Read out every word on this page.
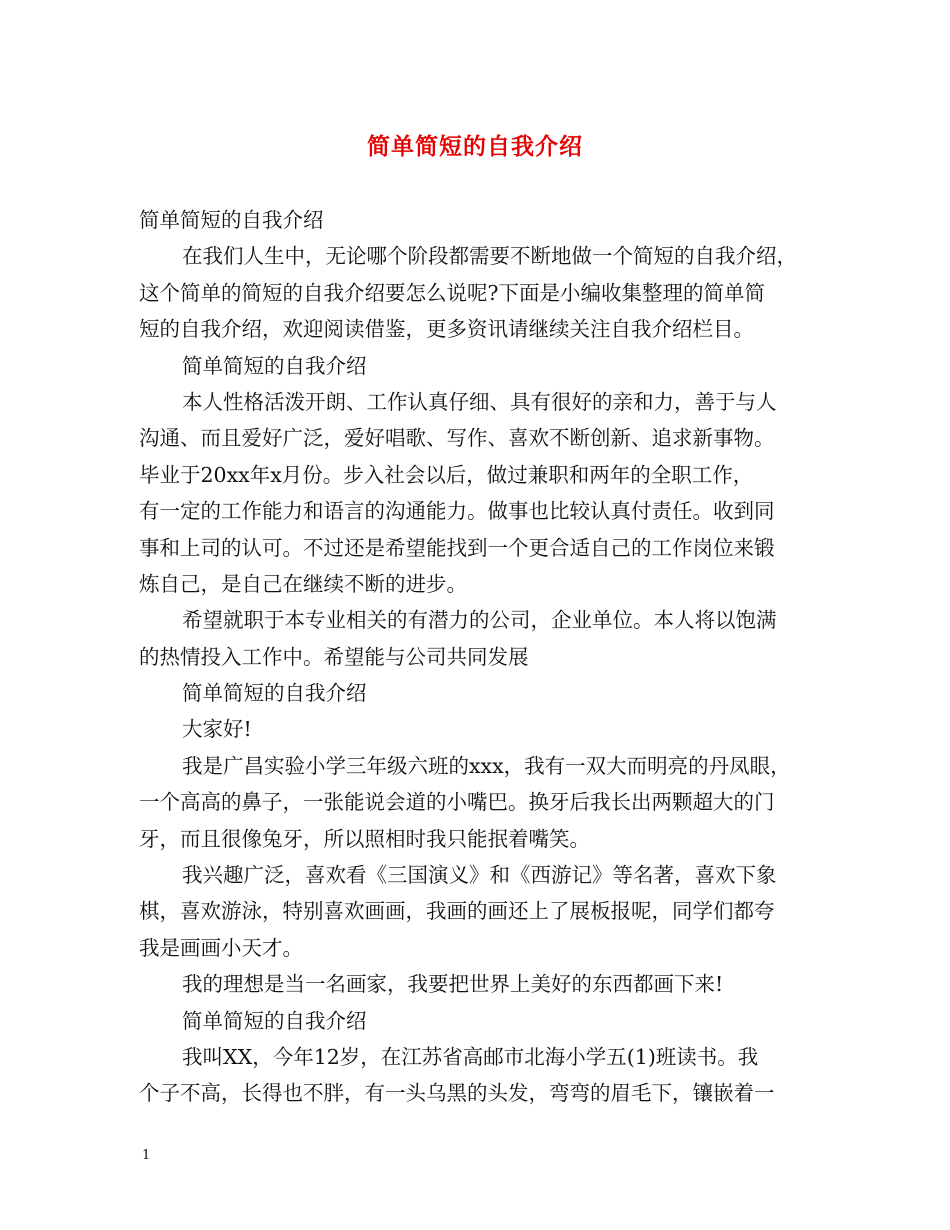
简单简短的自我介绍
简单简短的自我介绍
在我们人生中，无论哪个阶段都需要不断地做一个简短的自我介绍，
这个简单的简短的自我介绍要怎么说呢?下面是小编收集整理的简单简
短的自我介绍，欢迎阅读借鉴，更多资讯请继续关注自我介绍栏目。
简单简短的自我介绍
本人性格活泼开朗、工作认真仔细、具有很好的亲和力，善于与人
沟通、而且爱好广泛，爱好唱歌、写作、喜欢不断创新、追求新事物。
毕业于20xx年x月份。步入社会以后，做过兼职和两年的全职工作，
有一定的工作能力和语言的沟通能力。做事也比较认真付责任。收到同
事和上司的认可。不过还是希望能找到一个更合适自己的工作岗位来锻
炼自己，是自己在继续不断的进步。
希望就职于本专业相关的有潜力的公司，企业单位。本人将以饱满
的热情投入工作中。希望能与公司共同发展
简单简短的自我介绍
大家好!
我是广昌实验小学三年级六班的xxx，我有一双大而明亮的丹凤眼，
一个高高的鼻子，一张能说会道的小嘴巴。换牙后我长出两颗超大的门
牙，而且很像兔牙，所以照相时我只能抿着嘴笑。
我兴趣广泛，喜欢看《三国演义》和《西游记》等名著，喜欢下象
棋，喜欢游泳，特别喜欢画画，我画的画还上了展板报呢，同学们都夸
我是画画小天才。
我的理想是当一名画家，我要把世界上美好的东西都画下来!
简单简短的自我介绍
我叫XX，今年12岁，在江苏省高邮市北海小学五(1)班读书。我
个子不高，长得也不胖，有一头乌黑的头发，弯弯的眉毛下，镶嵌着一
1
